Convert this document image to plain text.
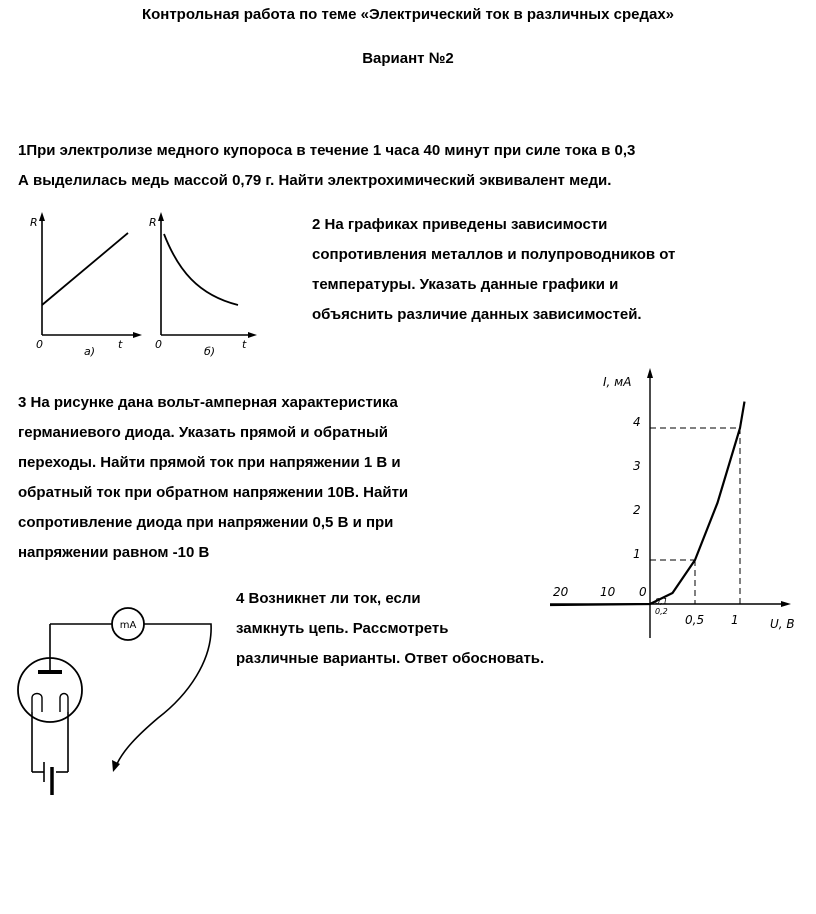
Контрольная работа по теме «Электрический ток в различных средах»
Вариант №2
1При электролизе медного купороса в течение 1 часа 40 минут при силе тока в 0,3
А выделилась медь массой 0,79 г. Найти электрохимический эквивалент меди.
R
0	t
а)
R
0	t
б)
2 На графиках приведены зависимости
сопротивления металлов и полупроводников от
температуры. Указать данные графики и
объяснить различие данных зависимостей.
3 На рисунке дана вольт-амперная характеристика
германиевого диода. Указать прямой и обратный
переходы. Найти прямой ток при напряжении 1 В и
обратный ток при обратном напряжении 10В. Найти
сопротивление диода при напряжении 0,5 В и при
напряжении равном -10 В
I, мА
U, В
0
20	10
0,5 1
1
2
3
4
0,1
0,2
4 Возникнет ли ток, если
замкнуть цепь. Рассмотреть
различные варианты. Ответ обосновать.
mA
